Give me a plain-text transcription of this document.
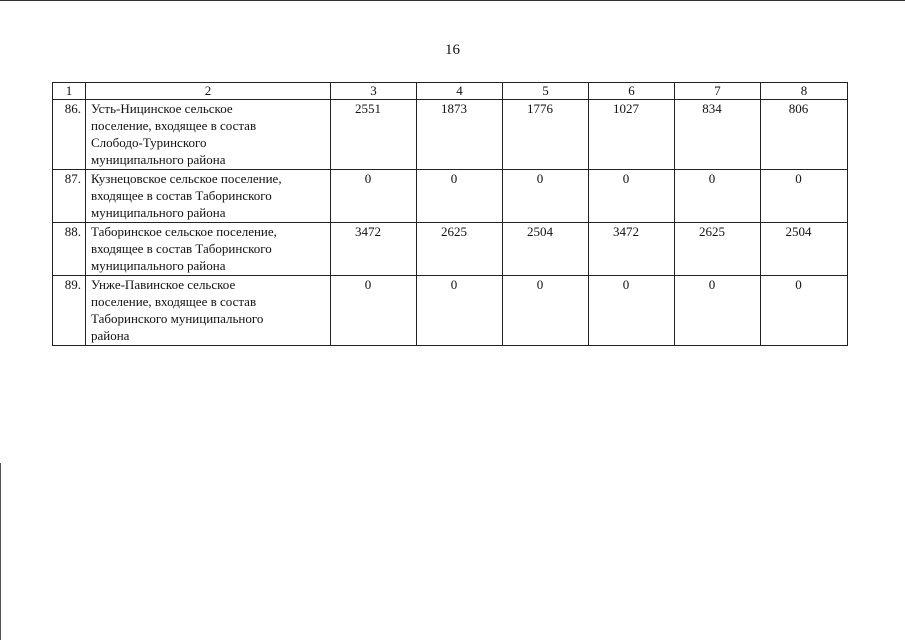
16
1	2	3	4	5	6	7	8
86.	Усть-Ницинское сельское
поселение, входящее в состав
Слободо-Туринского
муниципального района	2551	1873	1776	1027	834	806
87.	Кузнецовское сельское поселение,
входящее в состав Таборинского
муниципального района	0	0	0	0	0	0
88.	Таборинское сельское поселение,
входящее в состав Таборинского
муниципального района	3472	2625	2504	3472	2625	2504
89.	Унже-Павинское сельское
поселение, входящее в состав
Таборинского муниципального
района	0	0	0	0	0	0
